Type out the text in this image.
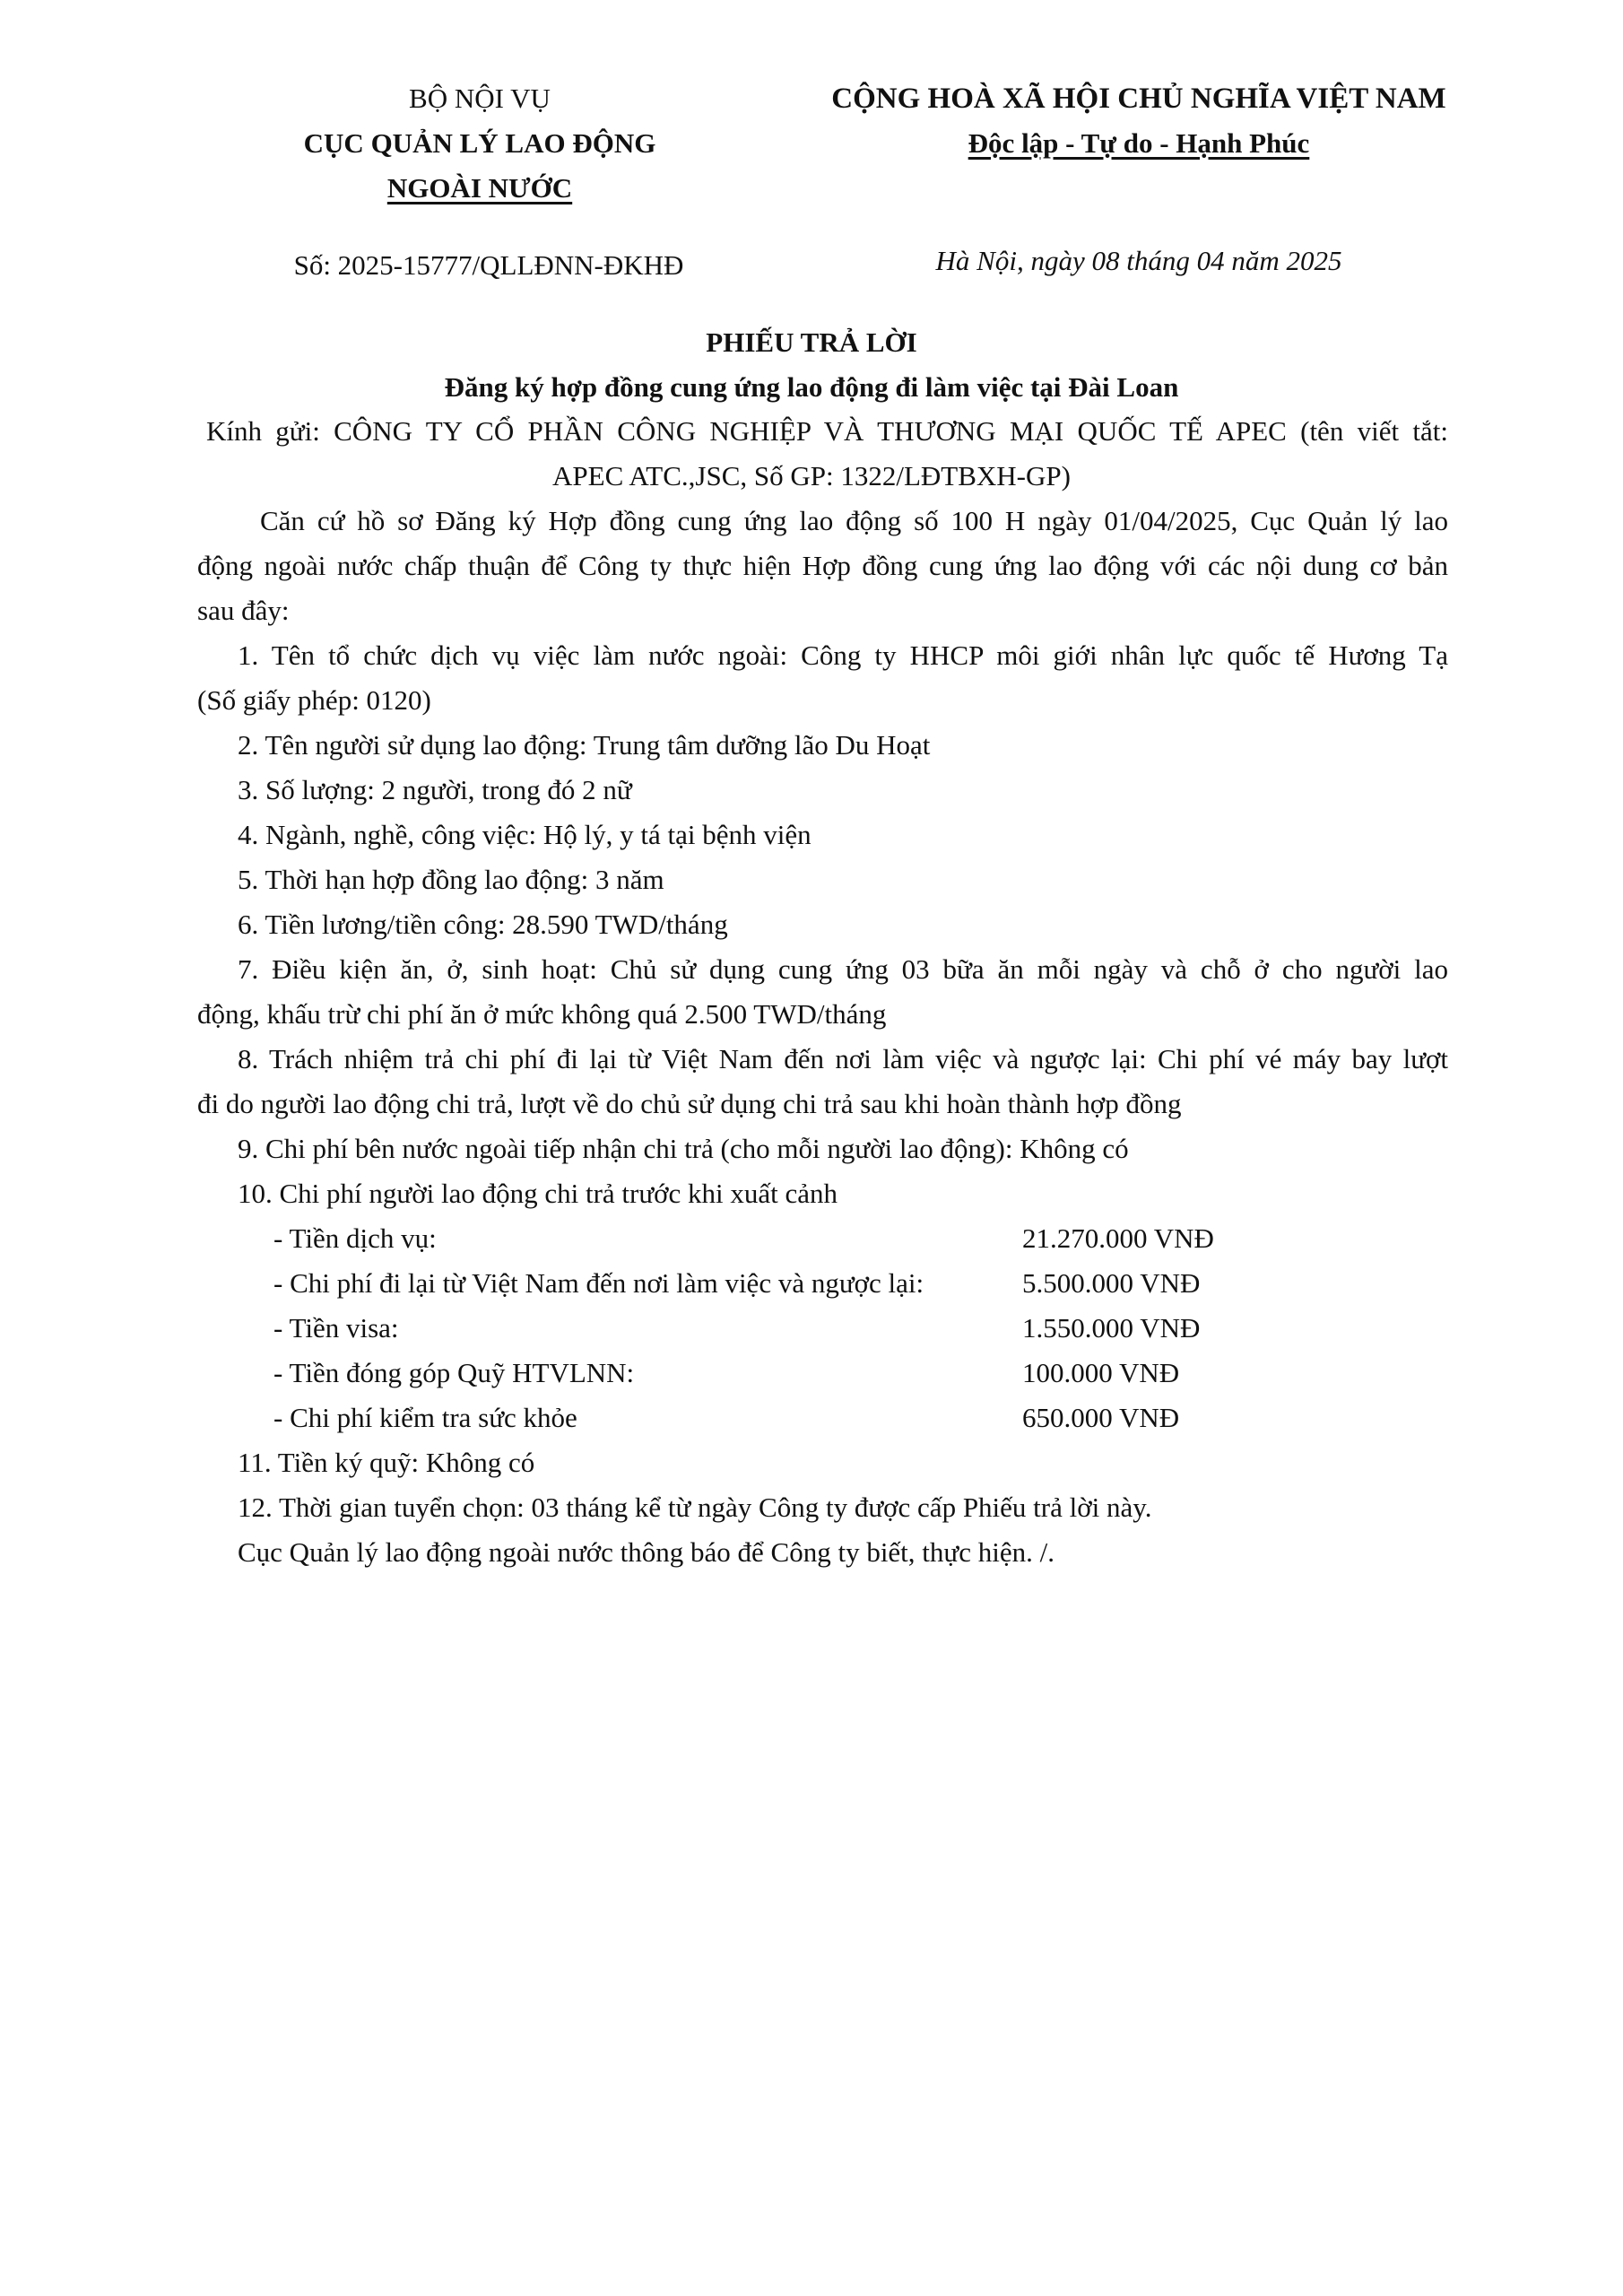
BỘ NỘI VỤ
CỤC QUẢN LÝ LAO ĐỘNG
NGOÀI NƯỚC
CỘNG HOÀ XÃ HỘI CHỦ NGHĨA VIỆT NAM
Độc lập - Tự do - Hạnh Phúc
Số: 2025-15777/QLLĐNN-ĐKHĐ	Hà Nội, ngày 08 tháng 04 năm 2025
PHIẾU TRẢ LỜI
Đăng ký hợp đồng cung ứng lao động đi làm việc tại Đài Loan
Kính gửi: CÔNG TY CỔ PHẦN CÔNG NGHIỆP VÀ THƯƠNG MẠI QUỐC TẾ APEC (tên viết tắt:
APEC ATC.,JSC, Số GP: 1322/LĐTBXH-GP)
Căn cứ hồ sơ Đăng ký Hợp đồng cung ứng lao động số 100 H ngày 01/04/2025, Cục Quản lý lao
động ngoài nước chấp thuận để Công ty thực hiện Hợp đồng cung ứng lao động với các nội dung cơ bản
sau đây:
1. Tên tổ chức dịch vụ việc làm nước ngoài: Công ty HHCP môi giới nhân lực quốc tế Hương Tạ
(Số giấy phép: 0120)
2. Tên người sử dụng lao động: Trung tâm dưỡng lão Du Hoạt
3. Số lượng: 2 người, trong đó 2 nữ
4. Ngành, nghề, công việc: Hộ lý, y tá tại bệnh viện
5. Thời hạn hợp đồng lao động: 3 năm
6. Tiền lương/tiền công: 28.590 TWD/tháng
7. Điều kiện ăn, ở, sinh hoạt: Chủ sử dụng cung ứng 03 bữa ăn mỗi ngày và chỗ ở cho người lao
động, khấu trừ chi phí ăn ở mức không quá 2.500 TWD/tháng
8. Trách nhiệm trả chi phí đi lại từ Việt Nam đến nơi làm việc và ngược lại: Chi phí vé máy bay lượt
đi do người lao động chi trả, lượt về do chủ sử dụng chi trả sau khi hoàn thành hợp đồng
9. Chi phí bên nước ngoài tiếp nhận chi trả (cho mỗi người lao động): Không có
10. Chi phí người lao động chi trả trước khi xuất cảnh
- Tiền dịch vụ:	21.270.000 VNĐ
- Chi phí đi lại từ Việt Nam đến nơi làm việc và ngược lại:	5.500.000 VNĐ
- Tiền visa:	1.550.000 VNĐ
- Tiền đóng góp Quỹ HTVLNN:	100.000 VNĐ
- Chi phí kiểm tra sức khỏe	650.000 VNĐ
11. Tiền ký quỹ: Không có
12. Thời gian tuyển chọn: 03 tháng kể từ ngày Công ty được cấp Phiếu trả lời này.
Cục Quản lý lao động ngoài nước thông báo để Công ty biết, thực hiện. /.
